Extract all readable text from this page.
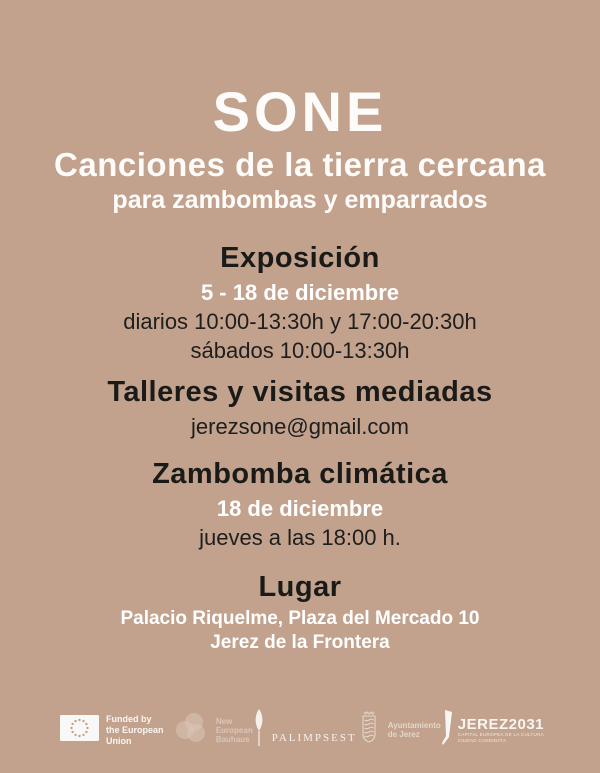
SONE
Canciones de la tierra cercana
para zambombas y emparrados
Exposición
5 - 18 de diciembre
diarios 10:00-13:30h y 17:00-20:30h
sábados 10:00-13:30h
Talleres y visitas mediadas
jerezsone@gmail.com
Zambomba climática
18 de diciembre
jueves a las 18:00 h.
Lugar
Palacio Riquelme, Plaza del Mercado 10
Jerez de la Frontera
Funded by
the European Union
New
European
Bauhaus PALIMPSEST
Ayuntamiento
de Jerez
JEREZ2031
CAPITAL EUROPEA DE LA CULTURA
CIUDAD CANDIDATA
